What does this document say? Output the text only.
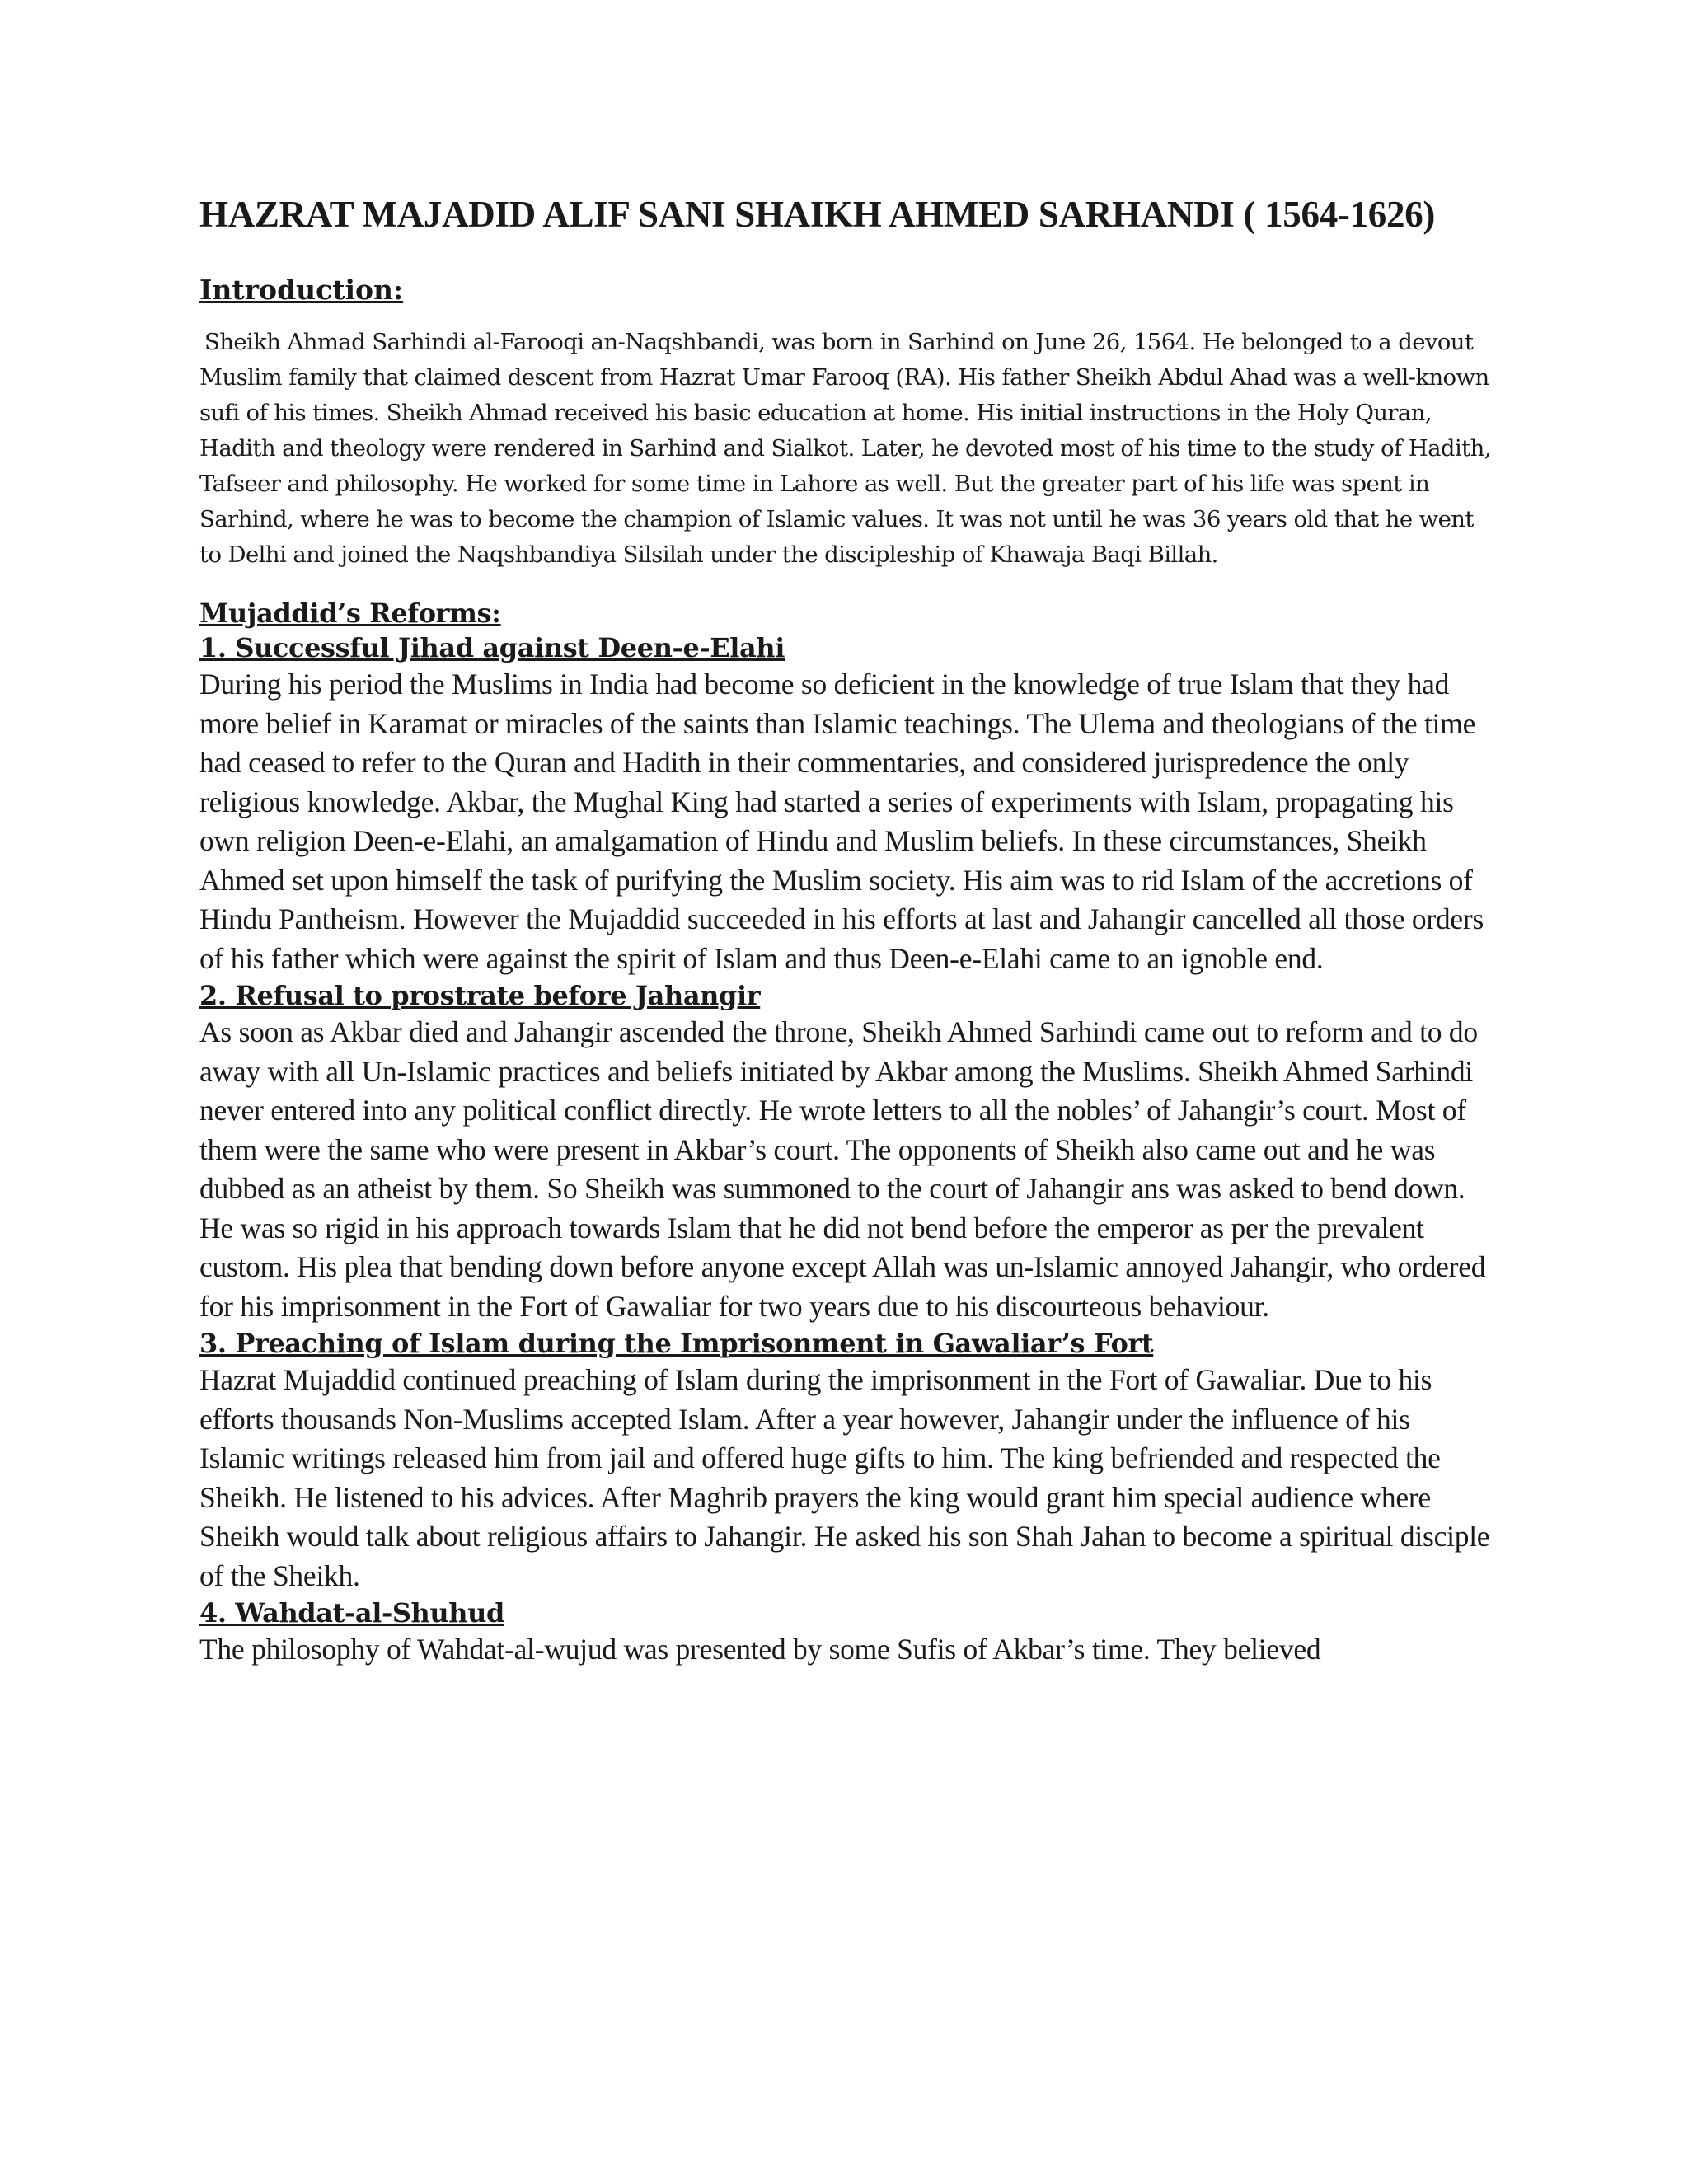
HAZRAT MAJADID ALIF SANI SHAIKH AHMED SARHANDI ( 1564-1626)
Introduction:

Sheikh Ahmad Sarhindi al-Farooqi an-Naqshbandi, was born in Sarhind on June 26, 1564. He belonged to a devout Muslim family that claimed descent from Hazrat Umar Farooq (RA). His father Sheikh Abdul Ahad was a well-known sufi of his times. Sheikh Ahmad received his basic education at home. His initial instructions in the Holy Quran, Hadith and theology were rendered in Sarhind and Sialkot. Later, he devoted most of his time to the study of Hadith, Tafseer and philosophy. He worked for some time in Lahore as well. But the greater part of his life was spent in Sarhind, where he was to become the champion of Islamic values. It was not until he was 36 years old that he went to Delhi and joined the Naqshbandiya Silsilah under the discipleship of Khawaja Baqi Billah.

Mujaddid’s Reforms:
1. Successful Jihad against Deen-e-Elahi

During his period the Muslims in India had become so deficient in the knowledge of true Islam that they had more belief in Karamat or miracles of the saints than Islamic teachings. The Ulema and theologians of the time had ceased to refer to the Quran and Hadith in their commentaries, and considered jurispredence the only religious knowledge. Akbar, the Mughal King had started a series of experiments with Islam, propagating his own religion Deen-e-Elahi, an amalgamation of Hindu and Muslim beliefs. In these circumstances, Sheikh Ahmed set upon himself the task of purifying the Muslim society. His aim was to rid Islam of the accretions of Hindu Pantheism. However the Mujaddid succeeded in his efforts at last and Jahangir cancelled all those orders of his father which were against the spirit of Islam and thus Deen-e-Elahi came to an ignoble end.

2. Refusal to prostrate before Jahangir

As soon as Akbar died and Jahangir ascended the throne, Sheikh Ahmed Sarhindi came out to reform and to do away with all Un-Islamic practices and beliefs initiated by Akbar among the Muslims. Sheikh Ahmed Sarhindi never entered into any political conflict directly. He wrote letters to all the nobles’ of Jahangir’s court. Most of them were the same who were present in Akbar’s court. The opponents of Sheikh also came out and he was dubbed as an atheist by them. So Sheikh was summoned to the court of Jahangir ans was asked to bend down. He was so rigid in his approach towards Islam that he did not bend before the emperor as per the prevalent custom. His plea that bending down before anyone except Allah was un-Islamic annoyed Jahangir, who ordered for his imprisonment in the Fort of Gawaliar for two years due to his discourteous behaviour.

3. Preaching of Islam during the Imprisonment in Gawaliar’s Fort

Hazrat Mujaddid continued preaching of Islam during the imprisonment in the Fort of Gawaliar. Due to his efforts thousands Non-Muslims accepted Islam. After a year however, Jahangir under the influence of his Islamic writings released him from jail and offered huge gifts to him. The king befriended and respected the Sheikh. He listened to his advices. After Maghrib prayers the king would grant him special audience where Sheikh would talk about religious affairs to Jahangir. He asked his son Shah Jahan to become a spiritual disciple of the Sheikh.

4. Wahdat-al-Shuhud

The philosophy of Wahdat-al-wujud was presented by some Sufis of Akbar’s time. They believed
